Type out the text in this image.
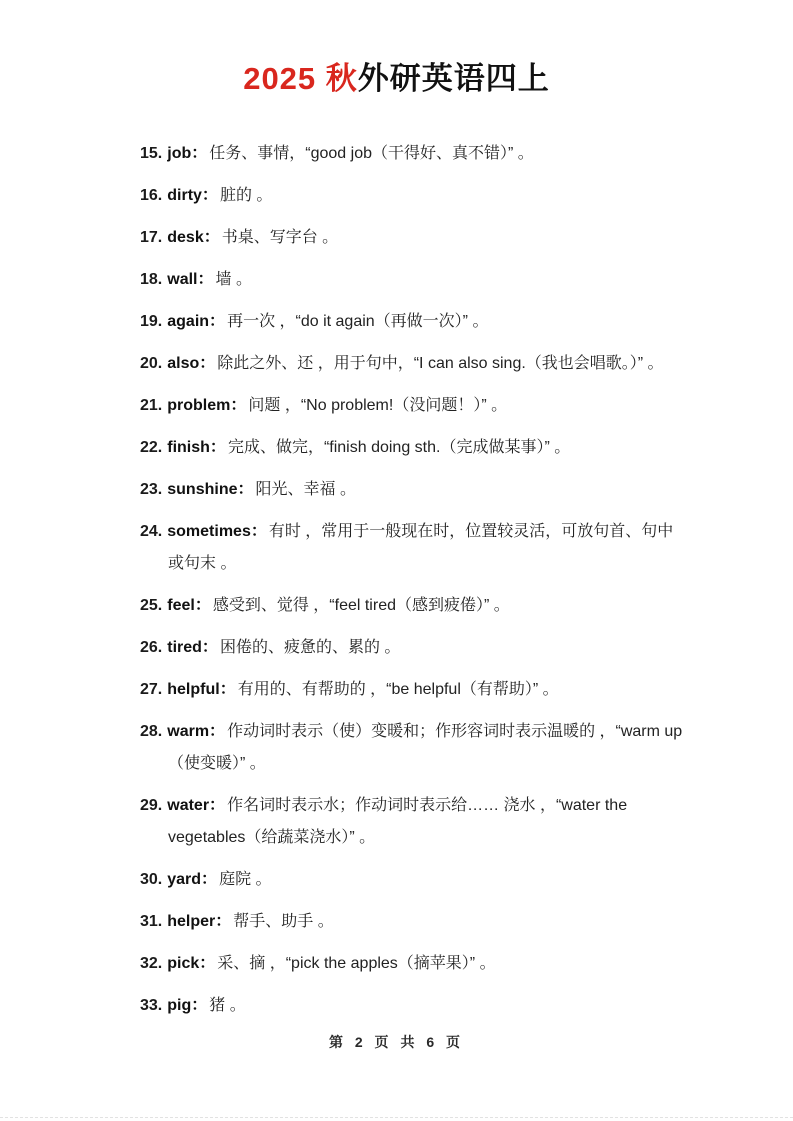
2025 秋外研英语四上
15. job： 任务、事情，“good job（干得好、真不错）” 。
16. dirty： 脏的 。
17. desk： 书桌、写字台 。
18. wall： 墙 。
19. again： 再一次 ，“do it again（再做一次）” 。
20. also： 除此之外、还 ，用于句中，“I can also sing.（我也会唱歌。）” 。
21. problem： 问题 ，“No problem!（没问题！）” 。
22. finish： 完成、做完，“finish doing sth.（完成做某事）” 。
23. sunshine： 阳光、幸福 。
24. sometimes： 有时 ，常用于一般现在时，位置较灵活，可放句首、句中
或句末 。
25. feel： 感受到、觉得 ，“feel tired（感到疲倦）” 。
26. tired： 困倦的、疲惫的、累的 。
27. helpful： 有用的、有帮助的 ，“be helpful（有帮助）” 。
28. warm： 作动词时表示（使）变暖和；作形容词时表示温暖的 ，“warm up
（使变暖）” 。
29. water： 作名词时表示水；作动词时表示给…… 浇水 ，“water the
vegetables（给蔬菜浇水）” 。
30. yard： 庭院 。
31. helper： 帮手、助手 。
32. pick： 采、摘 ，“pick the apples（摘苹果）” 。
33. pig： 猪 。
第 2 页 共 6 页
